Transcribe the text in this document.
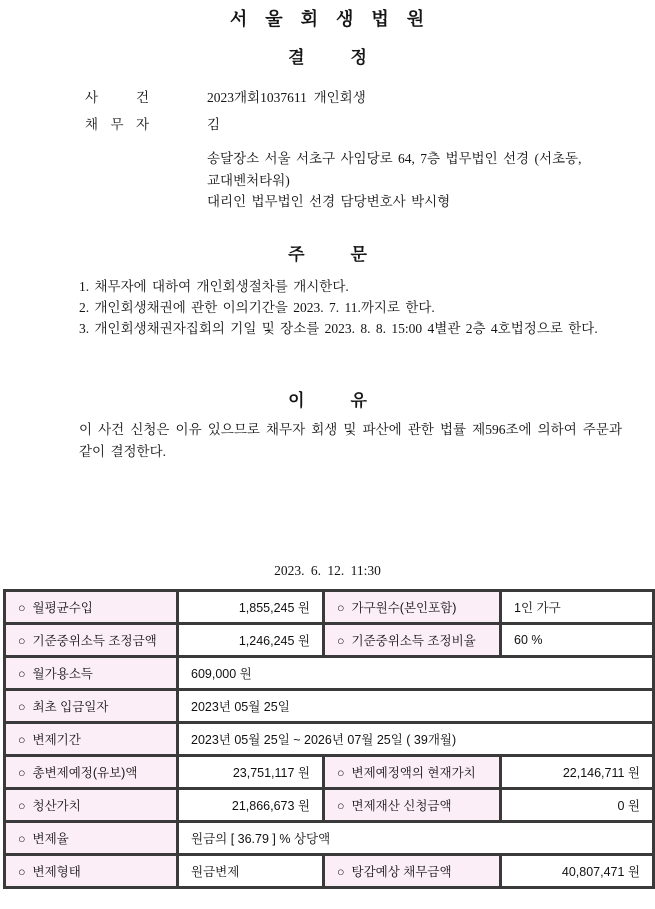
서 울 회 생 법 원
결	정
사	건	2023개회1037611  개인회생
채 무 자	김
송달장소 서울 서초구 사임당로 64, 7층 법무법인 선경 (서초동,
교대벤처타워)
대리인 법무법인 선경 담당변호사 박시형
주	문
1. 채무자에 대하여 개인회생절차를 개시한다.
2. 개인회생채권에 관한 이의기간을 2023. 7. 11.까지로 한다.
3. 개인회생채권자집회의 기일 및 장소를 2023. 8. 8. 15:00 4별관 2층 4호법정으로 한다.
이	유

이 사건 신청은 이유 있으므로 채무자 회생 및 파산에 관한 법률 제596조에 의하여 주문과 같이 결정한다.

2023. 6. 12. 11:30
○  월평균수입	1,855,245 원	○  가구원수(본인포함)	1인 가구
○  기준중위소득 조정금액	1,246,245 원	○  기준중위소득 조정비율	60 %
○  월가용소득	609,000 원		
○  최초 입금일자	2023년 05월 25일		
○  변제기간	2023년 05월 25일 ~ 2026년 07월 25일 ( 39개월)		
○  총변제예정(유보)액	23,751,117 원	○  변제예정액의 현재가치	22,146,711 원
○  청산가치	21,866,673 원	○  면제재산 신청금액	0 원
○  변제율	원금의 [ 36.79 ] % 상당액		
○  변제형태	원금변제	○  탕감예상 채무금액	40,807,471 원
